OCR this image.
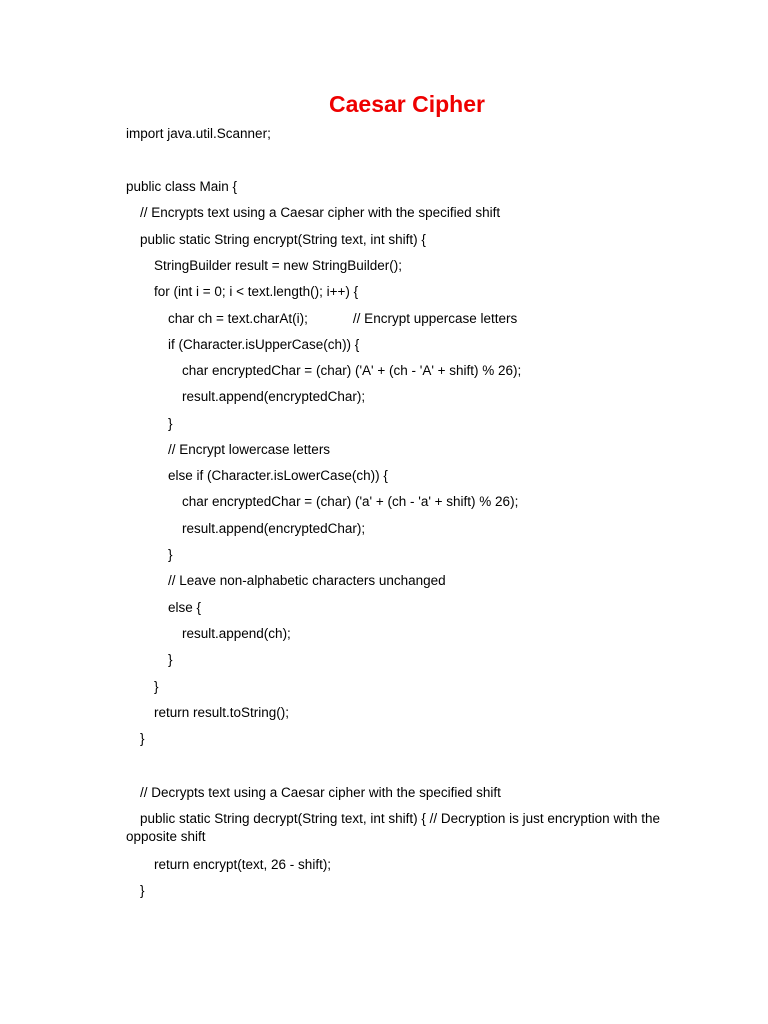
Caesar Cipher
import java.util.Scanner;
public class Main {
// Encrypts text using a Caesar cipher with the specified shift
public static String encrypt(String text, int shift) {
StringBuilder result = new StringBuilder();
for (int i = 0; i < text.length(); i++) {
char ch = text.charAt(i);            // Encrypt uppercase letters
if (Character.isUpperCase(ch)) {
char encryptedChar = (char) ('A' + (ch - 'A' + shift) % 26);
result.append(encryptedChar);
}
// Encrypt lowercase letters
else if (Character.isLowerCase(ch)) {
char encryptedChar = (char) ('a' + (ch - 'a' + shift) % 26);
result.append(encryptedChar);
}
// Leave non-alphabetic characters unchanged
else {
result.append(ch);
}
}
return result.toString();
}
// Decrypts text using a Caesar cipher with the specified shift
public static String decrypt(String text, int shift) { // Decryption is just encryption with the opposite shift
return encrypt(text, 26 - shift);
}
